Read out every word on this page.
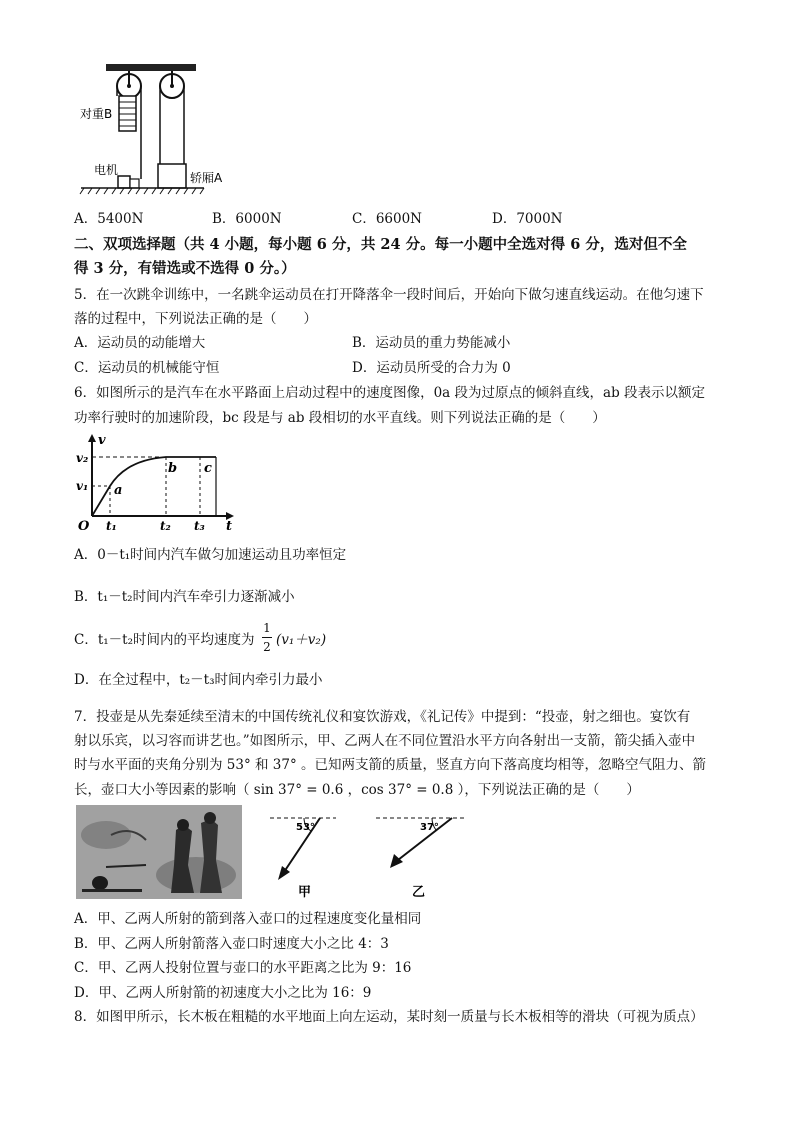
对重B
电机
轿厢A
A．5400N	B．6000N	C．6600N	D．7000N
二、双项选择题（共 4 小题，每小题 6 分，共 24 分。每一小题中全选对得 6 分，选对但不全
得 3 分，有错选或不选得 0 分。）
5．在一次跳伞训练中，一名跳伞运动员在打开降落伞一段时间后，开始向下做匀速直线运动。在他匀速下
落的过程中，下列说法正确的是（　　）
A．运动员的动能增大	B．运动员的重力势能减小
C．运动员的机械能守恒	D．运动员所受的合力为 0
6．如图所示的是汽车在水平路面上启动过程中的速度图像，0a 段为过原点的倾斜直线，ab 段表示以额定
功率行驶时的加速阶段，bc 段是与 ab 段相切的水平直线。则下列说法正确的是（　　）
v
t
O
v₂
v₁
t₁	t₂ t₃
a
b c
A．0－t₁时间内汽车做匀加速运动且功率恒定
B．t₁－t₂时间内汽车牵引力逐渐减小
C．t₁－t₂时间内的平均速度为
1
2 (v₁＋v₂)
D．在全过程中，t₂－t₃时间内牵引力最小
7．投壶是从先秦延续至清末的中国传统礼仪和宴饮游戏，《礼记传》中提到：“投壶，射之细也。宴饮有
射以乐宾，以习容而讲艺也。”如图所示，甲、乙两人在不同位置沿水平方向各射出一支箭，箭尖插入壶中
时与水平面的夹角分别为 53° 和 37° 。已知两支箭的质量，竖直方向下落高度均相等，忽略空气阻力、箭
长，壶口大小等因素的影响（ sin 37° = 0.6 ，cos 37° = 0.8 ），下列说法正确的是（　　）
53°
甲
37°
乙
A．甲、乙两人所射的箭到落入壶口的过程速度变化量相同
B．甲、乙两人所射箭落入壶口时速度大小之比 4：3
C．甲、乙两人投射位置与壶口的水平距离之比为 9：16
D．甲、乙两人所射箭的初速度大小之比为 16：9
8．如图甲所示，长木板在粗糙的水平地面上向左运动，某时刻一质量与长木板相等的滑块（可视为质点）
